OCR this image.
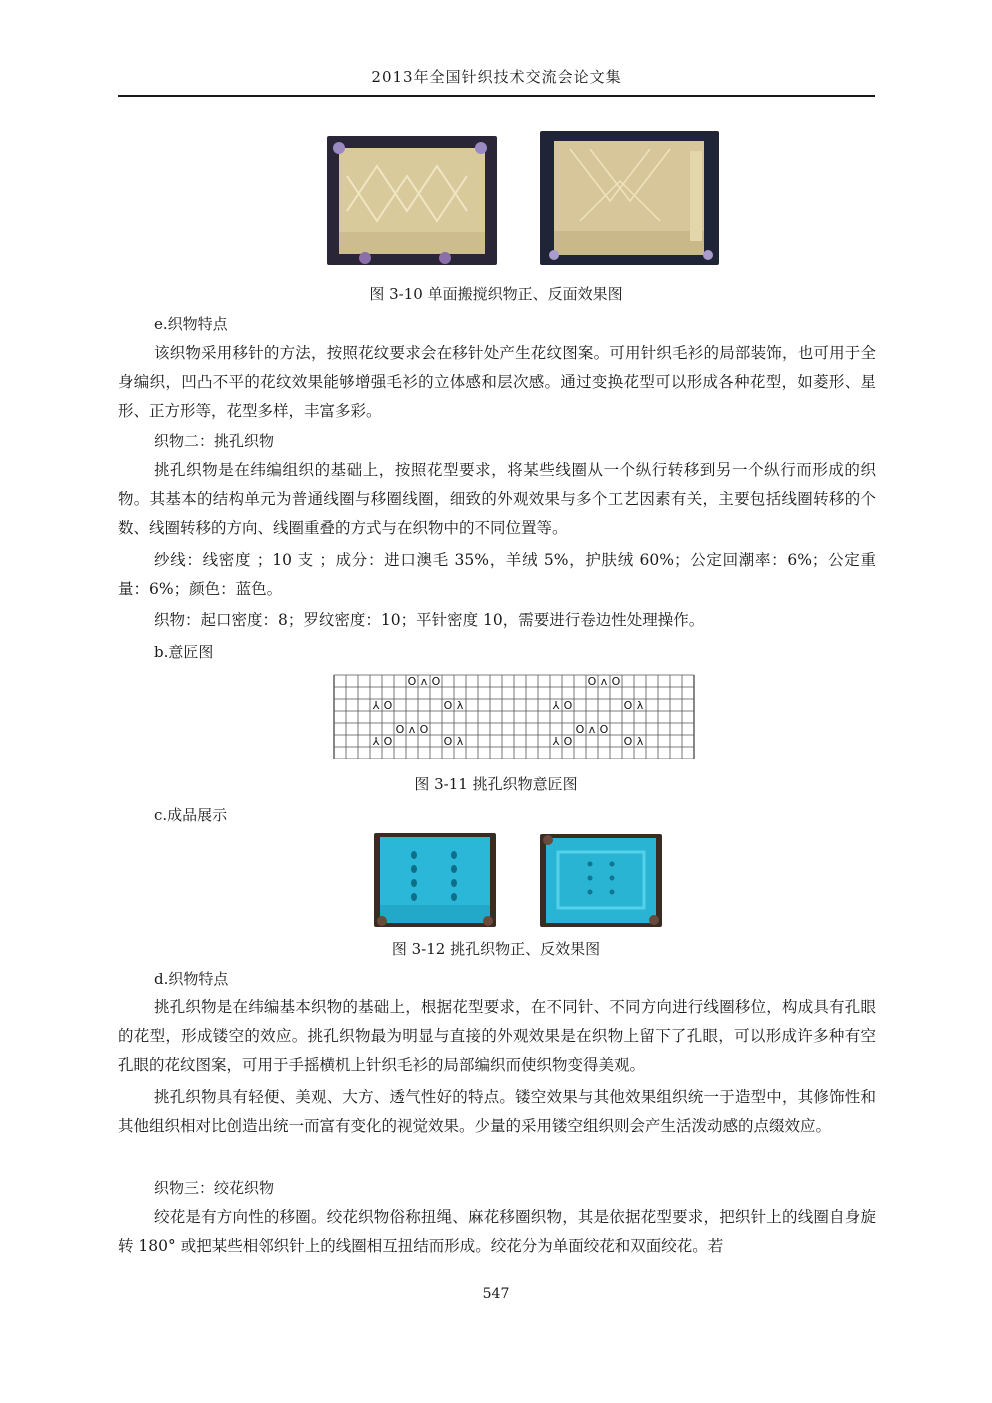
2013年全国针织技术交流会论文集
图 3-10 单面搬搅织物正、反面效果图
e.织物特点

该织物采用移针的方法，按照花纹要求会在移针处产生花纹图案。可用针织毛衫的局部装饰，也可用于全身编织，凹凸不平的花纹效果能够增强毛衫的立体感和层次感。通过变换花型可以形成各种花型，如菱形、星形、正方形等，花型多样，丰富多彩。

织物二：挑孔织物

挑孔织物是在纬编组织的基础上，按照花型要求，将某些线圈从一个纵行转移到另一个纵行而形成的织物。其基本的结构单元为普通线圈与移圈线圈，细致的外观效果与多个工艺因素有关，主要包括线圈转移的个数、线圈转移的方向、线圈重叠的方式与在织物中的不同位置等。

纱线：线密度 ；10 支 ；成分：进口澳毛 35%，羊绒 5%，护肤绒 60%；公定回潮率：6%；公定重量：6%；颜色：蓝色。

织物：起口密度：8；罗纹密度：10；平针密度 10，需要进行卷边性处理操作。

b.意匠图
O ʌ O	O ʌ O
⅄ O	O λ	⅄ O	O λ
O ʌ O	O ʌ O
⅄ O	O λ	⅄ O	O λ
图 3-11 挑孔织物意匠图
c.成品展示
图 3-12 挑孔织物正、反效果图
d.织物特点

挑孔织物是在纬编基本织物的基础上，根据花型要求，在不同针、不同方向进行线圈移位，构成具有孔眼的花型，形成镂空的效应。挑孔织物最为明显与直接的外观效果是在织物上留下了孔眼，可以形成许多种有空孔眼的花纹图案，可用于手摇横机上针织毛衫的局部编织而使织物变得美观。

挑孔织物具有轻便、美观、大方、透气性好的特点。镂空效果与其他效果组织统一于造型中，其修饰性和其他组织相对比创造出统一而富有变化的视觉效果。少量的采用镂空组织则会产生活泼动感的点缀效应。

织物三：绞花织物

绞花是有方向性的移圈。绞花织物俗称扭绳、麻花移圈织物，其是依据花型要求，把织针上的线圈自身旋转 180° 或把某些相邻织针上的线圈相互扭结而形成。绞花分为单面绞花和双面绞花。若

547
